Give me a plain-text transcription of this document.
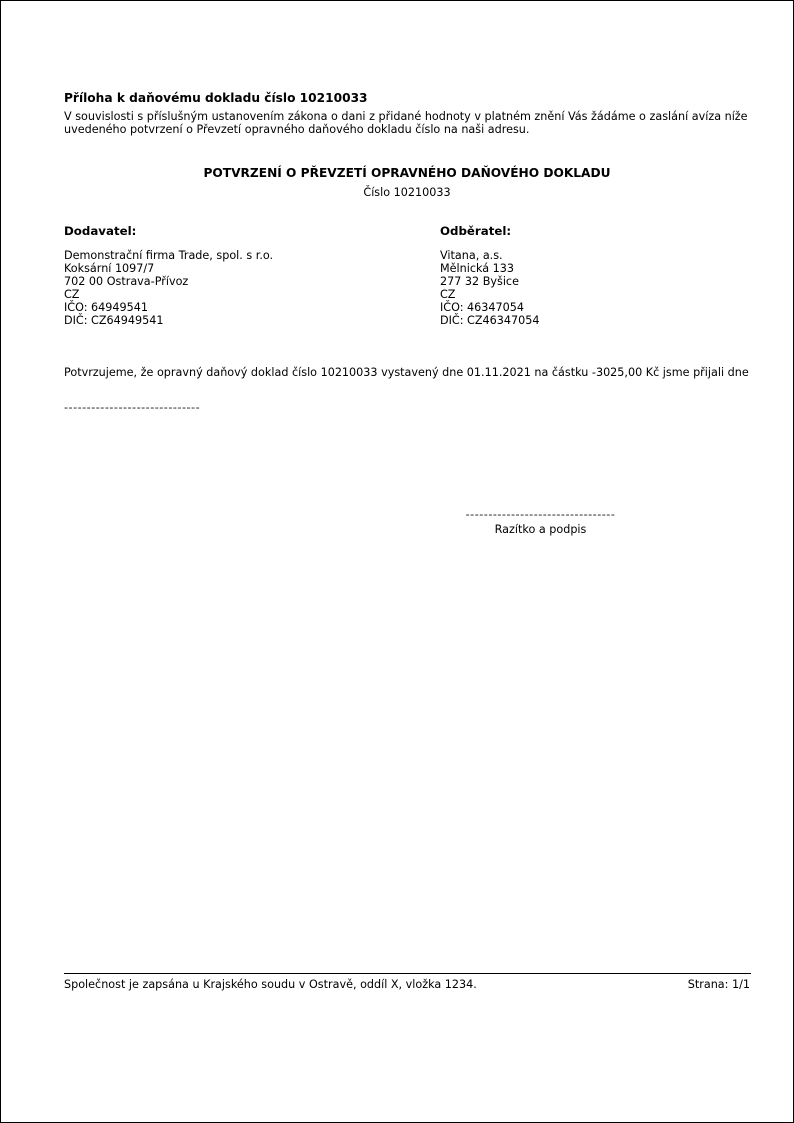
Příloha k daňovému dokladu číslo 10210033
V souvislosti s příslušným ustanovením zákona o dani z přidané hodnoty v platném znění Vás žádáme o zaslání avíza níže uvedeného potvrzení o Převzetí opravného daňového dokladu číslo na naši adresu.
POTVRZENÍ O PŘEVZETÍ OPRAVNÉHO DAŇOVÉHO DOKLADU
Číslo 10210033
Dodavatel:
Demonstrační firma Trade, spol. s r.o.
Koksární 1097/7
702 00 Ostrava-Přívoz
CZ
IČO: 64949541
DIČ: CZ64949541
Odběratel:
Vitana, a.s.
Mělnická 133
277 32 Byšice
CZ
IČO: 46347054
DIČ: CZ46347054
Potvrzujeme, že opravný daňový doklad číslo 10210033 vystavený dne 01.11.2021 na částku -3025,00 Kč jsme přijali dne
------------------------------
---------------------------------
Razítko a podpis
Společnost je zapsána u Krajského soudu v Ostravě, oddíl X, vložka 1234.	Strana: 1/1
